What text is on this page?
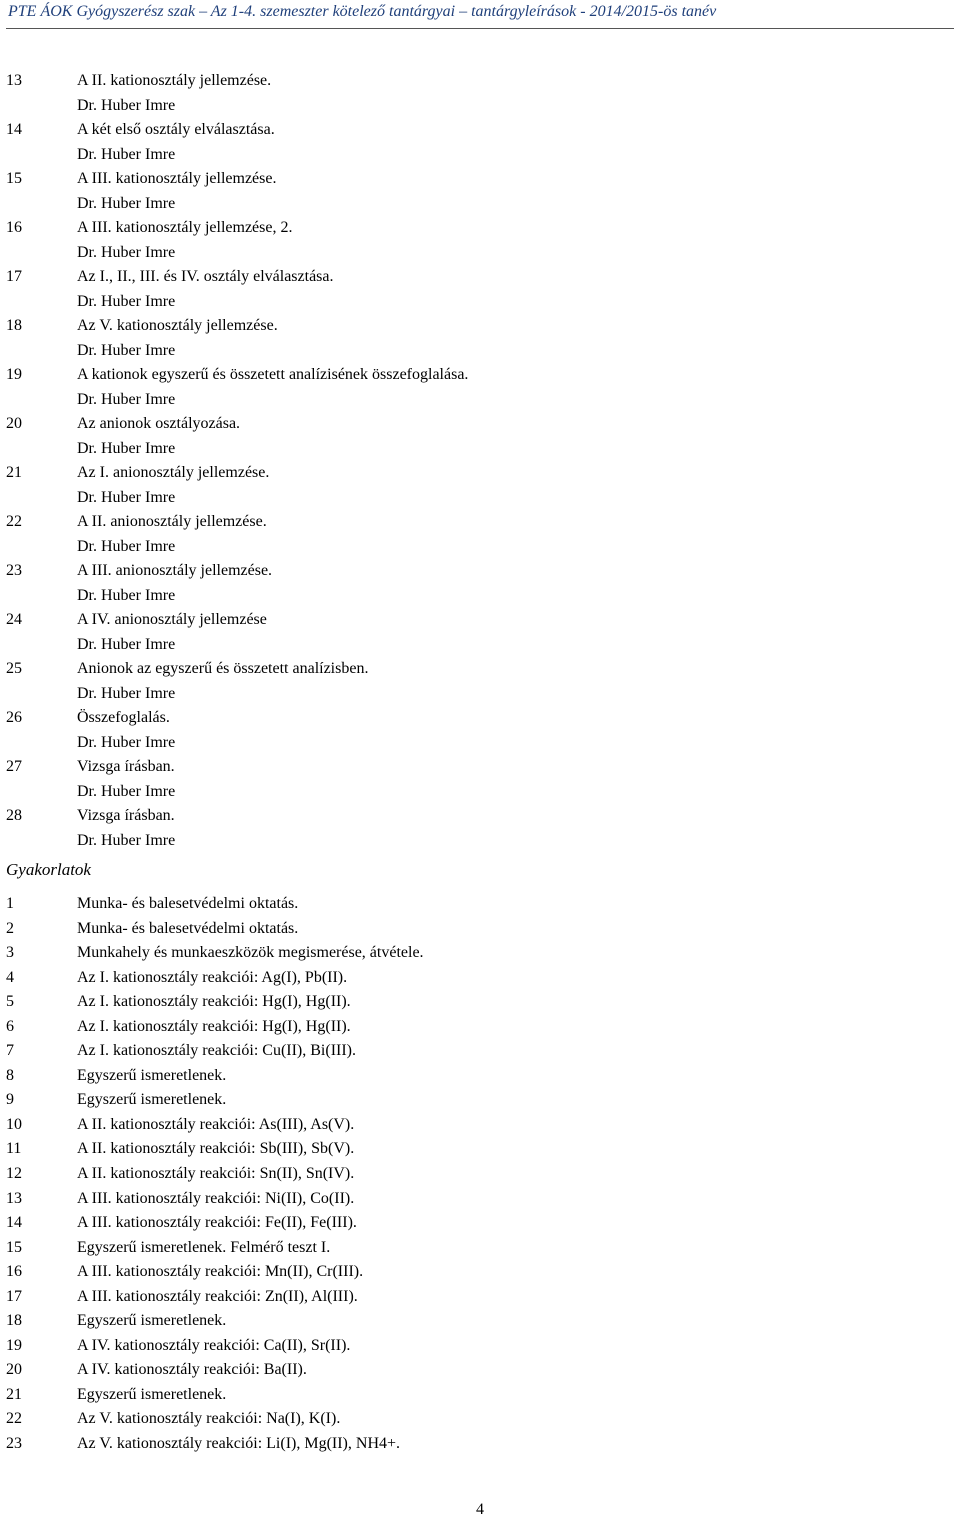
PTE ÁOK Gyógyszerész szak – Az 1-4. szemeszter kötelező tantárgyai – tantárgyleírások - 2014/2015-ös tanév
13	A II. kationosztály jellemzése.
Dr. Huber Imre
14	A két első osztály elválasztása.
Dr. Huber Imre
15	A III. kationosztály jellemzése.
Dr. Huber Imre
16	A III. kationosztály jellemzése, 2.
Dr. Huber Imre
17	Az I., II., III. és IV. osztály elválasztása.
Dr. Huber Imre
18	Az V. kationosztály jellemzése.
Dr. Huber Imre
19	A kationok egyszerű és összetett analízisének összefoglalása.
Dr. Huber Imre
20	Az anionok osztályozása.
Dr. Huber Imre
21	Az I. anionosztály jellemzése.
Dr. Huber Imre
22	A II. anionosztály jellemzése.
Dr. Huber Imre
23	A III. anionosztály jellemzése.
Dr. Huber Imre
24	A IV. anionosztály jellemzése
Dr. Huber Imre
25	Anionok az egyszerű és összetett analízisben.
Dr. Huber Imre
26	Összefoglalás.
Dr. Huber Imre
27	Vizsga írásban.
Dr. Huber Imre
28	Vizsga írásban.
Dr. Huber Imre
Gyakorlatok
1	Munka- és balesetvédelmi oktatás.
2	Munka- és balesetvédelmi oktatás.
3	Munkahely és munkaeszközök megismerése, átvétele.
4	Az I. kationosztály reakciói: Ag(I), Pb(II).
5	Az I. kationosztály reakciói: Hg(I), Hg(II).
6	Az I. kationosztály reakciói: Hg(I), Hg(II).
7	Az I. kationosztály reakciói: Cu(II), Bi(III).
8	Egyszerű ismeretlenek.
9	Egyszerű ismeretlenek.
10	A II. kationosztály reakciói: As(III), As(V).
11	A II. kationosztály reakciói: Sb(III), Sb(V).
12	A II. kationosztály reakciói: Sn(II), Sn(IV).
13	A III. kationosztály reakciói: Ni(II), Co(II).
14	A III. kationosztály reakciói: Fe(II), Fe(III).
15	Egyszerű ismeretlenek. Felmérő teszt I.
16	A III. kationosztály reakciói: Mn(II), Cr(III).
17	A III. kationosztály reakciói: Zn(II), Al(III).
18	Egyszerű ismeretlenek.
19	A IV. kationosztály reakciói: Ca(II), Sr(II).
20	A IV. kationosztály reakciói: Ba(II).
21	Egyszerű ismeretlenek.
22	Az V. kationosztály reakciói: Na(I), K(I).
23	Az V. kationosztály reakciói: Li(I), Mg(II), NH4+.
4
